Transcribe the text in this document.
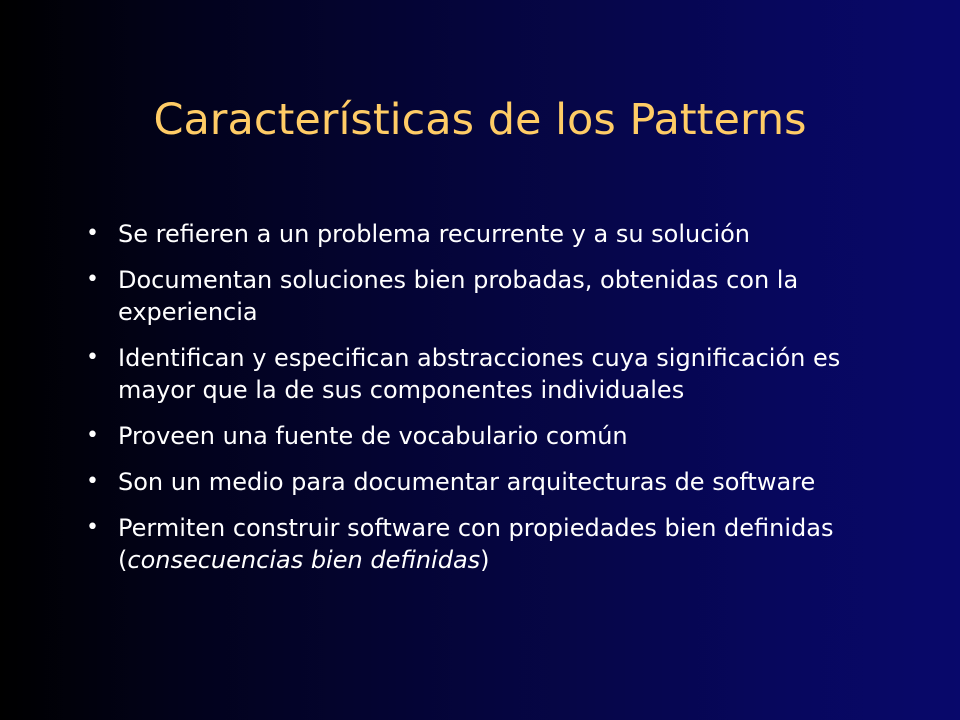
Características de los Patterns
• Se refieren a un problema recurrente y a su solución
• Documentan soluciones bien probadas, obtenidas con la experiencia
• Identifican y especifican abstracciones cuya significación es mayor que la de sus componentes individuales
• Proveen una fuente de vocabulario común
• Son un medio para documentar arquitecturas de software
• Permiten construir software con propiedades bien definidas (consecuencias bien definidas)
